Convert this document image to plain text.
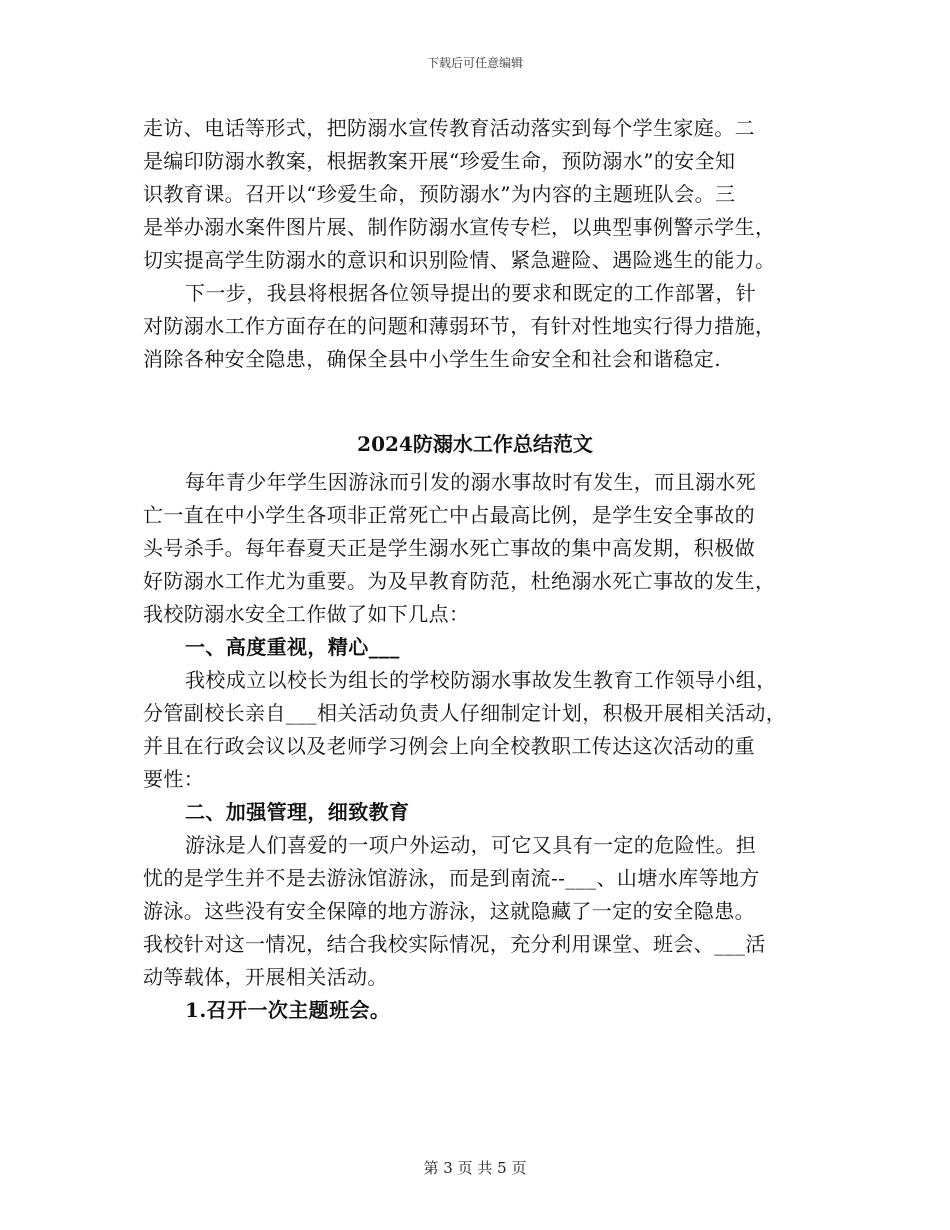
下载后可任意编辑
走访、电话等形式，把防溺水宣传教育活动落实到每个学生家庭。二
是编印防溺水教案，根据教案开展“珍爱生命，预防溺水”的安全知
识教育课。召开以“珍爱生命，预防溺水”为内容的主题班队会。三
是举办溺水案件图片展、制作防溺水宣传专栏，以典型事例警示学生，
切实提高学生防溺水的意识和识别险情、紧急避险、遇险逃生的能力。
下一步，我县将根据各位领导提出的要求和既定的工作部署，针
对防溺水工作方面存在的问题和薄弱环节，有针对性地实行得力措施，
消除各种安全隐患，确保全县中小学生生命安全和社会和谐稳定.
2024防溺水工作总结范文
每年青少年学生因游泳而引发的溺水事故时有发生，而且溺水死
亡一直在中小学生各项非正常死亡中占最高比例，是学生安全事故的
头号杀手。每年春夏天正是学生溺水死亡事故的集中高发期，积极做
好防溺水工作尤为重要。为及早教育防范，杜绝溺水死亡事故的发生，
我校防溺水安全工作做了如下几点：
一、高度重视，精心___
我校成立以校长为组长的学校防溺水事故发生教育工作领导小组，
分管副校长亲自___相关活动负责人仔细制定计划，积极开展相关活动，
并且在行政会议以及老师学习例会上向全校教职工传达这次活动的重
要性：
二、加强管理，细致教育
游泳是人们喜爱的一项户外运动，可它又具有一定的危险性。担
忧的是学生并不是去游泳馆游泳，而是到南流--___、山塘水库等地方
游泳。这些没有安全保障的地方游泳，这就隐藏了一定的安全隐患。
我校针对这一情况，结合我校实际情况，充分利用课堂、班会、___活
动等载体，开展相关活动。
1.召开一次主题班会。
第 3 页 共 5 页
